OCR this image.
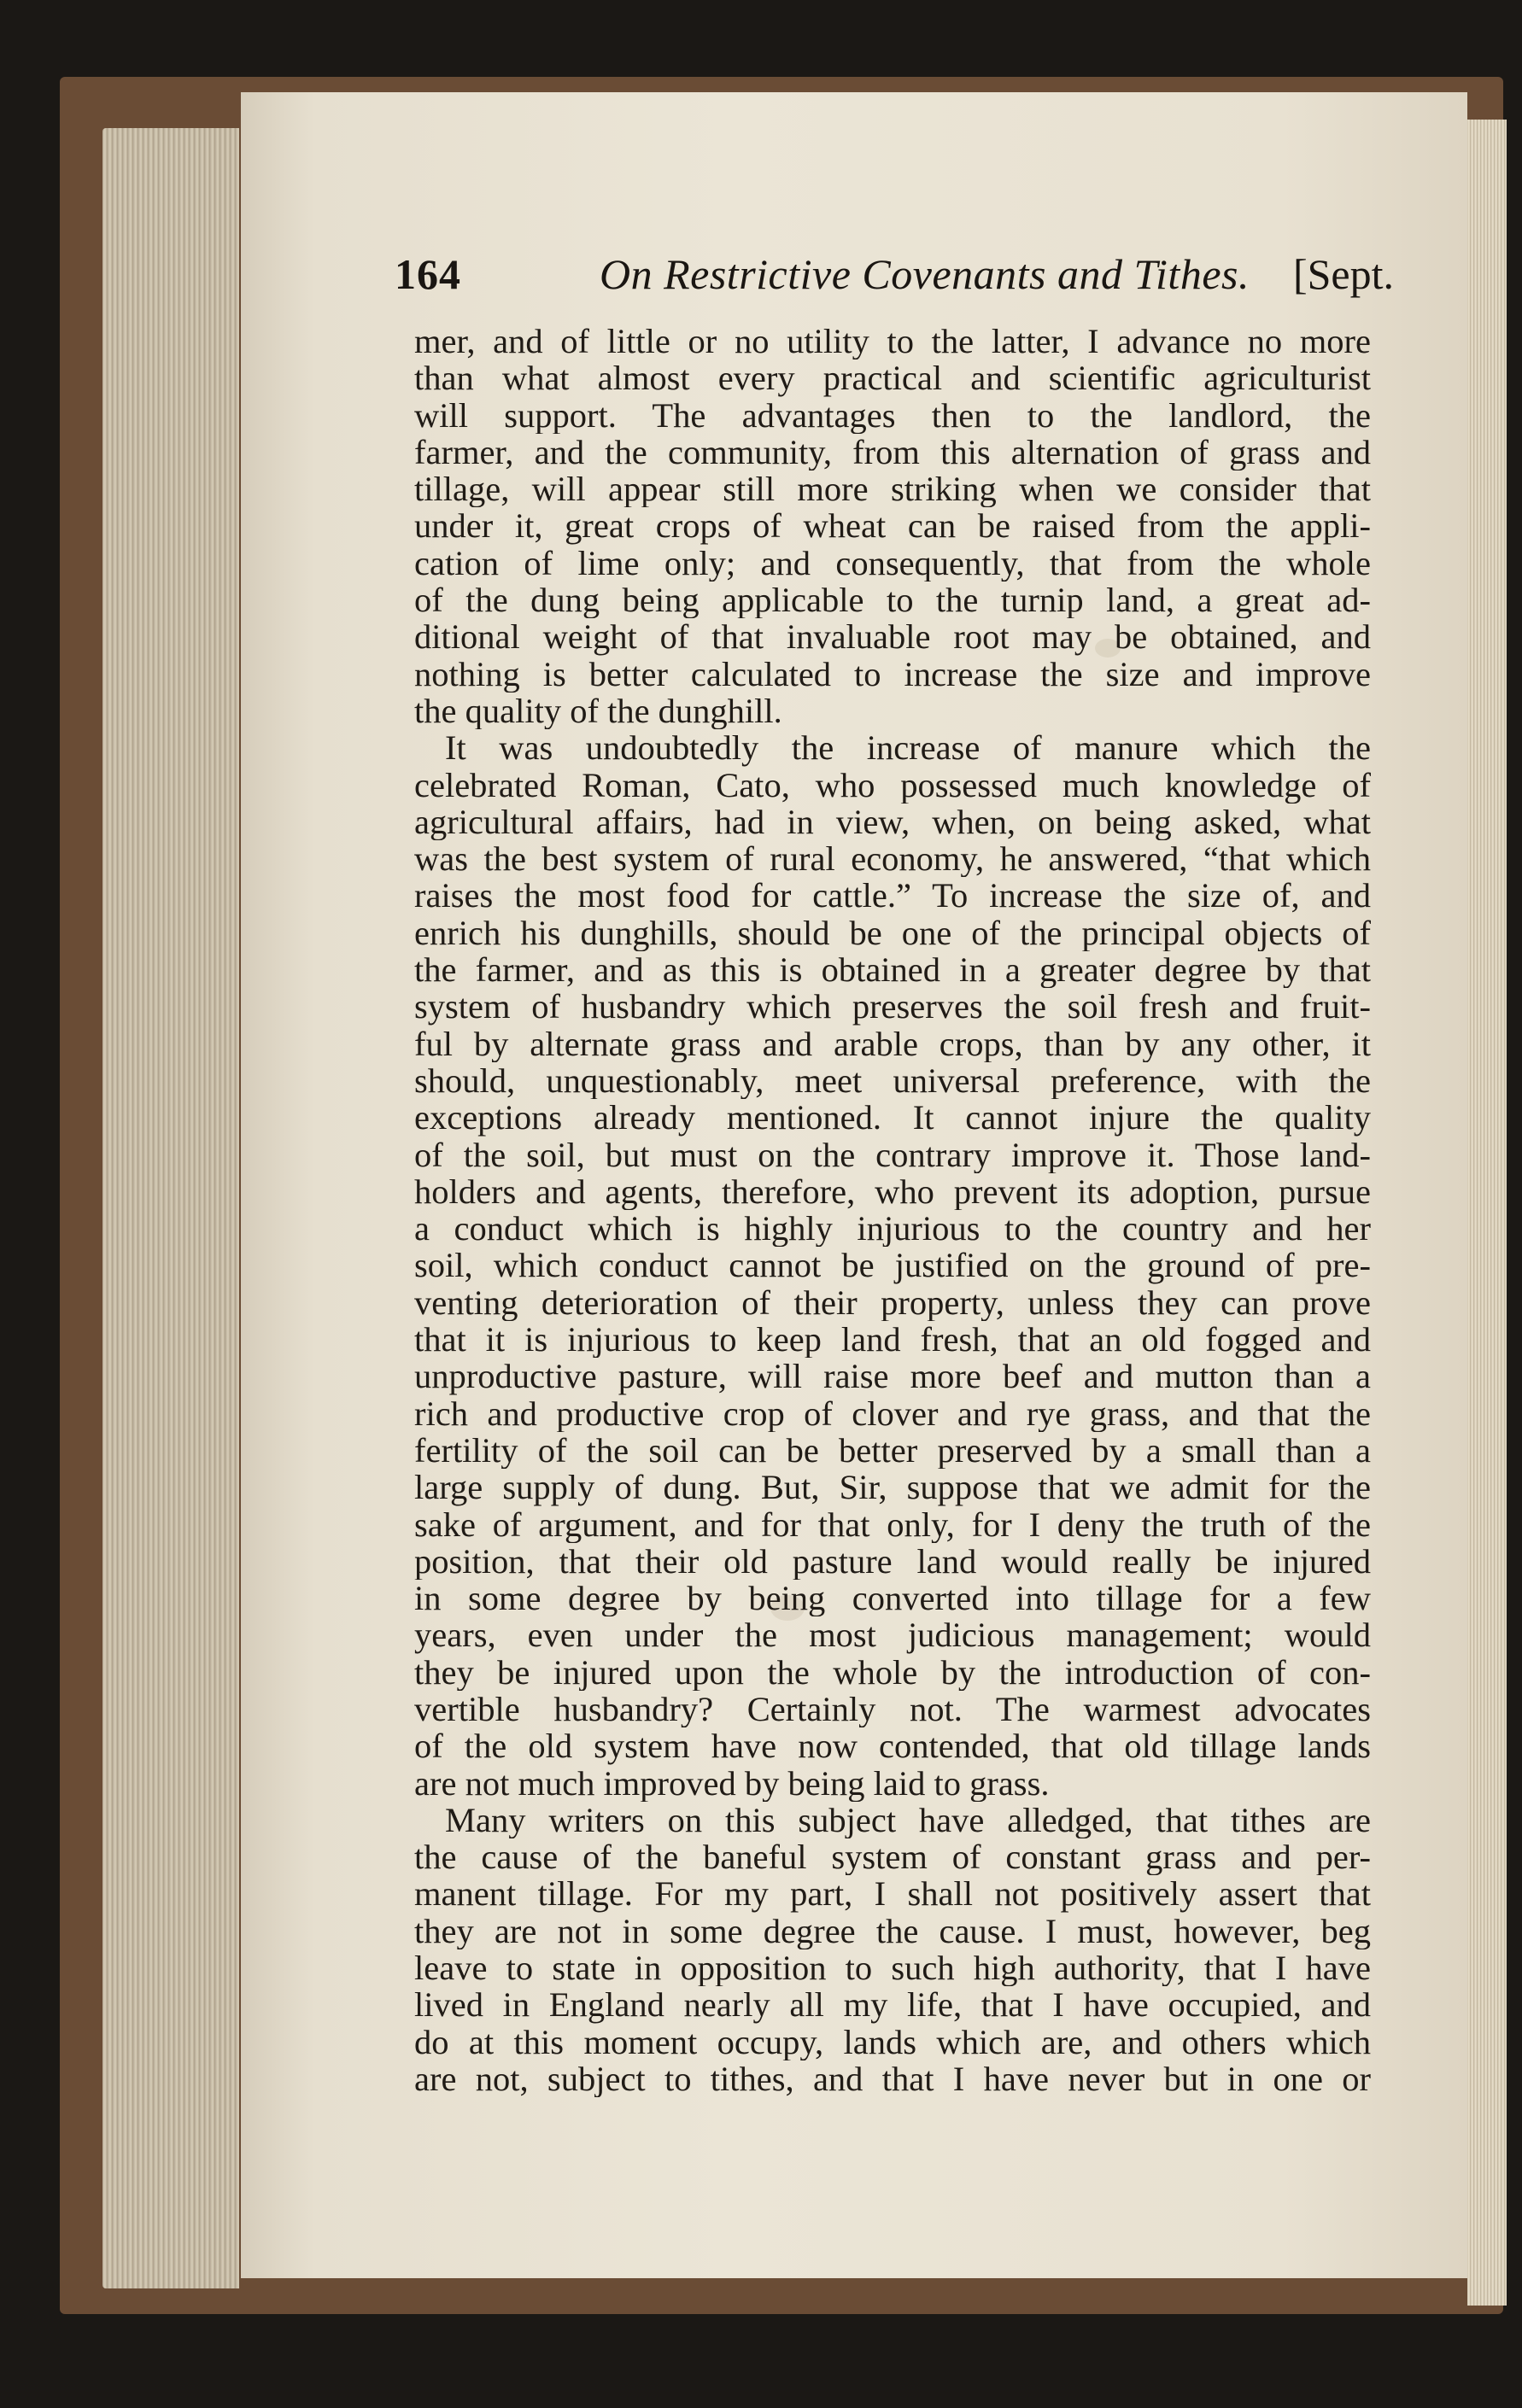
164	On Restrictive Covenants and Tithes. [Sept.
mer, and of little or no utility to the latter, I advance no more
than what almost every practical and scientific agriculturist
will support. The advantages then to the landlord, the
farmer, and the community, from this alternation of grass and
tillage, will appear still more striking when we consider that
under it, great crops of wheat can be raised from the appli-
cation of lime only; and consequently, that from the whole
of the dung being applicable to the turnip land, a great ad-
ditional weight of that invaluable root may be obtained, and
nothing is better calculated to increase the size and improve
the quality of the dunghill.
It was undoubtedly the increase of manure which the
celebrated Roman, Cato, who possessed much knowledge of
agricultural affairs, had in view, when, on being asked, what
was the best system of rural economy, he answered, “that which
raises the most food for cattle.” To increase the size of, and
enrich his dunghills, should be one of the principal objects of
the farmer, and as this is obtained in a greater degree by that
system of husbandry which preserves the soil fresh and fruit-
ful by alternate grass and arable crops, than by any other, it
should, unquestionably, meet universal preference, with the
exceptions already mentioned. It cannot injure the quality
of the soil, but must on the contrary improve it. Those land-
holders and agents, therefore, who prevent its adoption, pursue
a conduct which is highly injurious to the country and her
soil, which conduct cannot be justified on the ground of pre-
venting deterioration of their property, unless they can prove
that it is injurious to keep land fresh, that an old fogged and
unproductive pasture, will raise more beef and mutton than a
rich and productive crop of clover and rye grass, and that the
fertility of the soil can be better preserved by a small than a
large supply of dung. But, Sir, suppose that we admit for the
sake of argument, and for that only, for I deny the truth of the
position, that their old pasture land would really be injured
in some degree by being converted into tillage for a few
years, even under the most judicious management; would
they be injured upon the whole by the introduction of con-
vertible husbandry? Certainly not. The warmest advocates
of the old system have now contended, that old tillage lands
are not much improved by being laid to grass.
Many writers on this subject have alledged, that tithes are
the cause of the baneful system of constant grass and per-
manent tillage. For my part, I shall not positively assert that
they are not in some degree the cause. I must, however, beg
leave to state in opposition to such high authority, that I have
lived in England nearly all my life, that I have occupied, and
do at this moment occupy, lands which are, and others which
are not, subject to tithes, and that I have never but in one or
